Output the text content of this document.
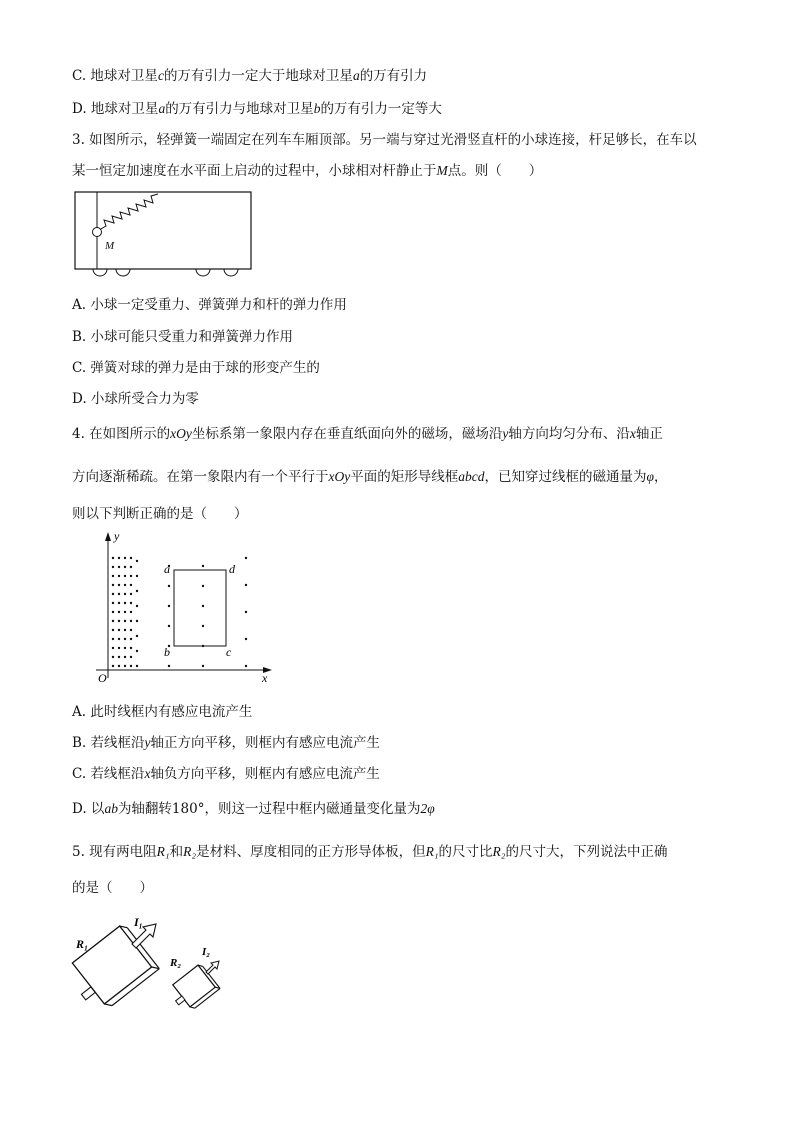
C. 地球对卫星c的万有引力一定大于地球对卫星a的万有引力
D. 地球对卫星a的万有引力与地球对卫星b的万有引力一定等大
3. 如图所示，轻弹簧一端固定在列车车厢顶部。另一端与穿过光滑竖直杆的小球连接，杆足够长，在车以
某一恒定加速度在水平面上启动的过程中，小球相对杆静止于M点。则（　　）
M
A. 小球一定受重力、弹簧弹力和杆的弹力作用
B. 小球可能只受重力和弹簧弹力作用
C. 弹簧对球的弹力是由于球的形变产生的
D. 小球所受合力为零
4. 在如图所示的xOy坐标系第一象限内存在垂直纸面向外的磁场，磁场沿y轴方向均匀分布、沿x轴正
方向逐渐稀疏。在第一象限内有一个平行于xOy平面的矩形导线框abcd，已知穿过线框的磁通量为φ，
则以下判断正确的是（　　）
y
x
O
a	d
b	c
A. 此时线框内有感应电流产生
B. 若线框沿y轴正方向平移，则框内有感应电流产生
C. 若线框沿x轴负方向平移，则框内有感应电流产生
D. 以ab为轴翻转180°，则这一过程中框内磁通量变化量为2φ
5. 现有两电阻R₁和R₂是材料、厚度相同的正方形导体板，但R₁的尺寸比R₂的尺寸大，下列说法中正确
的是（　　）
R₁
I₁
R₂
I₂
